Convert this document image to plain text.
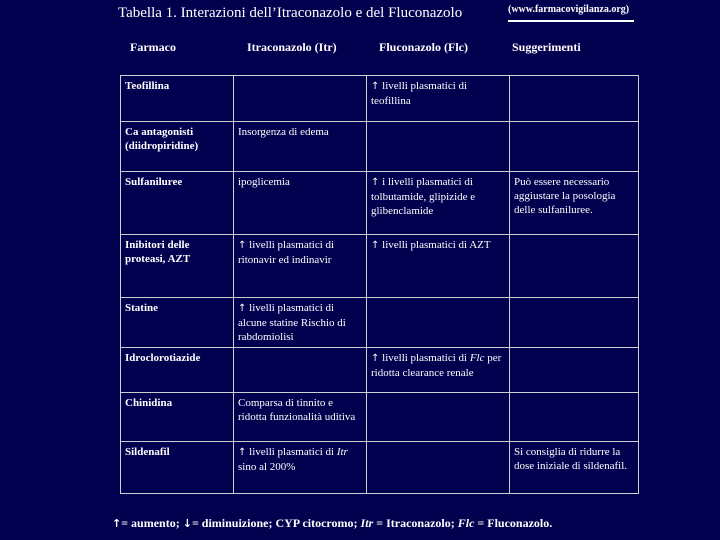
Tabella 1. Interazioni dell’Itraconazolo e del Fluconazolo	(www.farmacovigilanza.org)
Farmaco	Itraconazolo (Itr)	Fluconazolo (Flc)	Suggerimenti
Teofillina		↑ livelli plasmatici di teofillina	
Ca antagonisti (diidropiridine)	Insorgenza di edema		
Sulfaniluree	ipoglicemia	↑ i livelli plasmatici di tolbutamide, glipizide e glibenclamide	Può essere necessario aggiustare la posologia delle sulfaniluree.
Inibitori delle proteasi, AZT	↑ livelli plasmatici di ritonavir ed indinavir	↑ livelli plasmatici di AZT	
Statine	↑ livelli plasmatici di alcune statine Rischio di rabdomiolisi		
Idroclorotiazide		↑ livelli plasmatici di Flc per ridotta clearance renale	
Chinidina	Comparsa di tinnito e ridotta funzionalità uditiva		
Sildenafil	↑ livelli plasmatici di Itr sino al 200%		Si consiglia di ridurre la dose iniziale di sildenafil.
↑= aumento; ↓= diminuizione; CYP citocromo; Itr = Itraconazolo; Flc = Fluconazolo.
